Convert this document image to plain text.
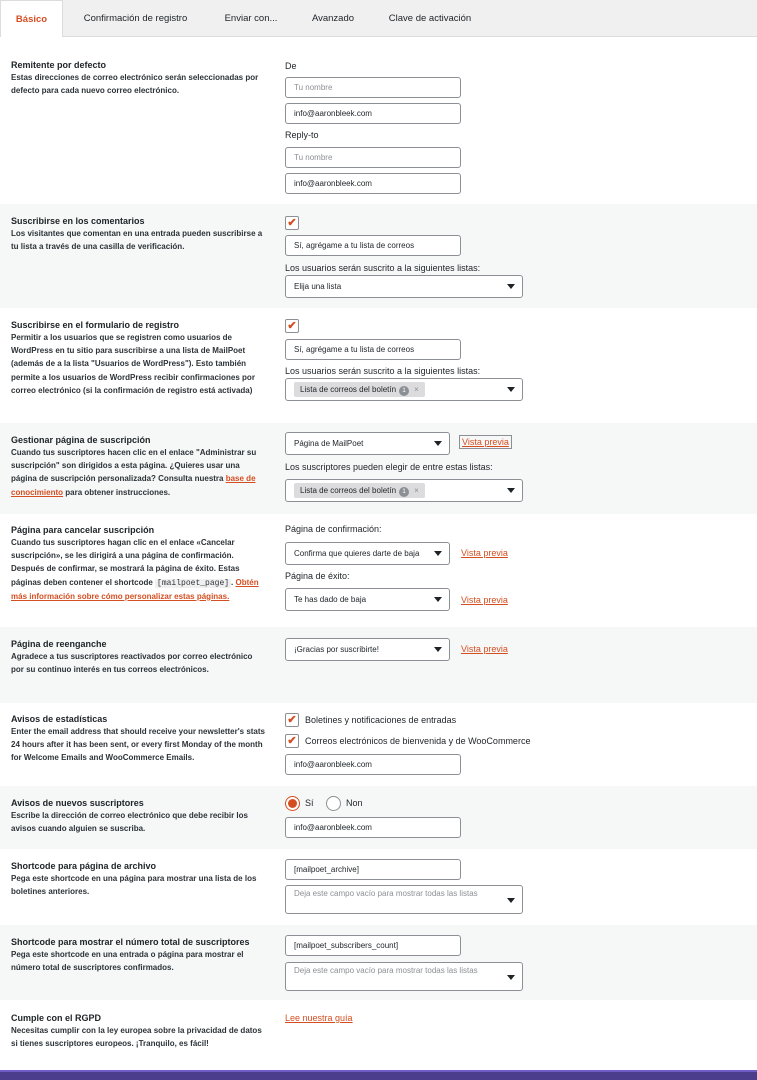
Básico	Confirmación de registro	Enviar con...	Avanzado	Clave de activación
Remitente por defecto
Estas direcciones de correo electrónico serán seleccionadas por defecto para cada nuevo correo electrónico.
De
Tu nombre
info@aaronbleek.com
Reply-to
Tu nombre
info@aaronbleek.com
Suscribirse en los comentarios
Los visitantes que comentan en una entrada pueden suscribirse a tu lista a través de una casilla de verificación.
✔
Sí, agrégame a tu lista de correos
Los usuarios serán suscrito a la siguientes listas:
Elija una lista
Suscribirse en el formulario de registro
Permitir a los usuarios que se registren como usuarios de WordPress en tu sitio para suscribirse a una lista de MailPoet (además de a la lista "Usuarios de WordPress"). Esto también permite a los usuarios de WordPress recibir confirmaciones por correo electrónico (si la confirmación de registro está activada)
✔
Sí, agrégame a tu lista de correos
Los usuarios serán suscrito a la siguientes listas:
Lista de correos del boletín 1 ×
Gestionar página de suscripción
Cuando tus suscriptores hacen clic en el enlace "Administrar su suscripción" son dirigidos a esta página. ¿Quieres usar una página de suscripción personalizada? Consulta nuestra base de conocimiento para obtener instrucciones.
Página de MailPoet	Vista previa
Los suscriptores pueden elegir de entre estas listas:
Lista de correos del boletín 1 ×
Página para cancelar suscripción
Cuando tus suscriptores hagan clic en el enlace «Cancelar suscripción», se les dirigirá a una página de confirmación. Después de confirmar, se mostrará la página de éxito. Estas páginas deben contener el shortcode [mailpoet_page] . Obtén más información sobre cómo personalizar estas páginas.
Página de confirmación:
Confirma que quieres darte de baja	Vista previa
Página de éxito:
Te has dado de baja	Vista previa
Página de reenganche
Agradece a tus suscriptores reactivados por correo electrónico por su continuo interés en tus correos electrónicos.
¡Gracias por suscribirte!	Vista previa
Avisos de estadísticas
Enter the email address that should receive your newsletter's stats 24 hours after it has been sent, or every first Monday of the month for Welcome Emails and WooCommerce Emails.
✔ Boletines y notificaciones de entradas
✔ Correos electrónicos de bienvenida y de WooCommerce
info@aaronbleek.com
Avisos de nuevos suscriptores
Escribe la dirección de correo electrónico que debe recibir los avisos cuando alguien se suscriba.
Sí	Non
info@aaronbleek.com
Shortcode para página de archivo
Pega este shortcode en una página para mostrar una lista de los boletines anteriores.
[mailpoet_archive]
Deja este campo vacío para mostrar todas las listas
Shortcode para mostrar el número total de suscriptores
Pega este shortcode en una entrada o página para mostrar el número total de suscriptores confirmados.
[mailpoet_subscribers_count]
Deja este campo vacío para mostrar todas las listas
Cumple con el RGPD
Necesitas cumplir con la ley europea sobre la privacidad de datos si tienes suscriptores europeos. ¡Tranquilo, es fácil!
Lee nuestra guía
